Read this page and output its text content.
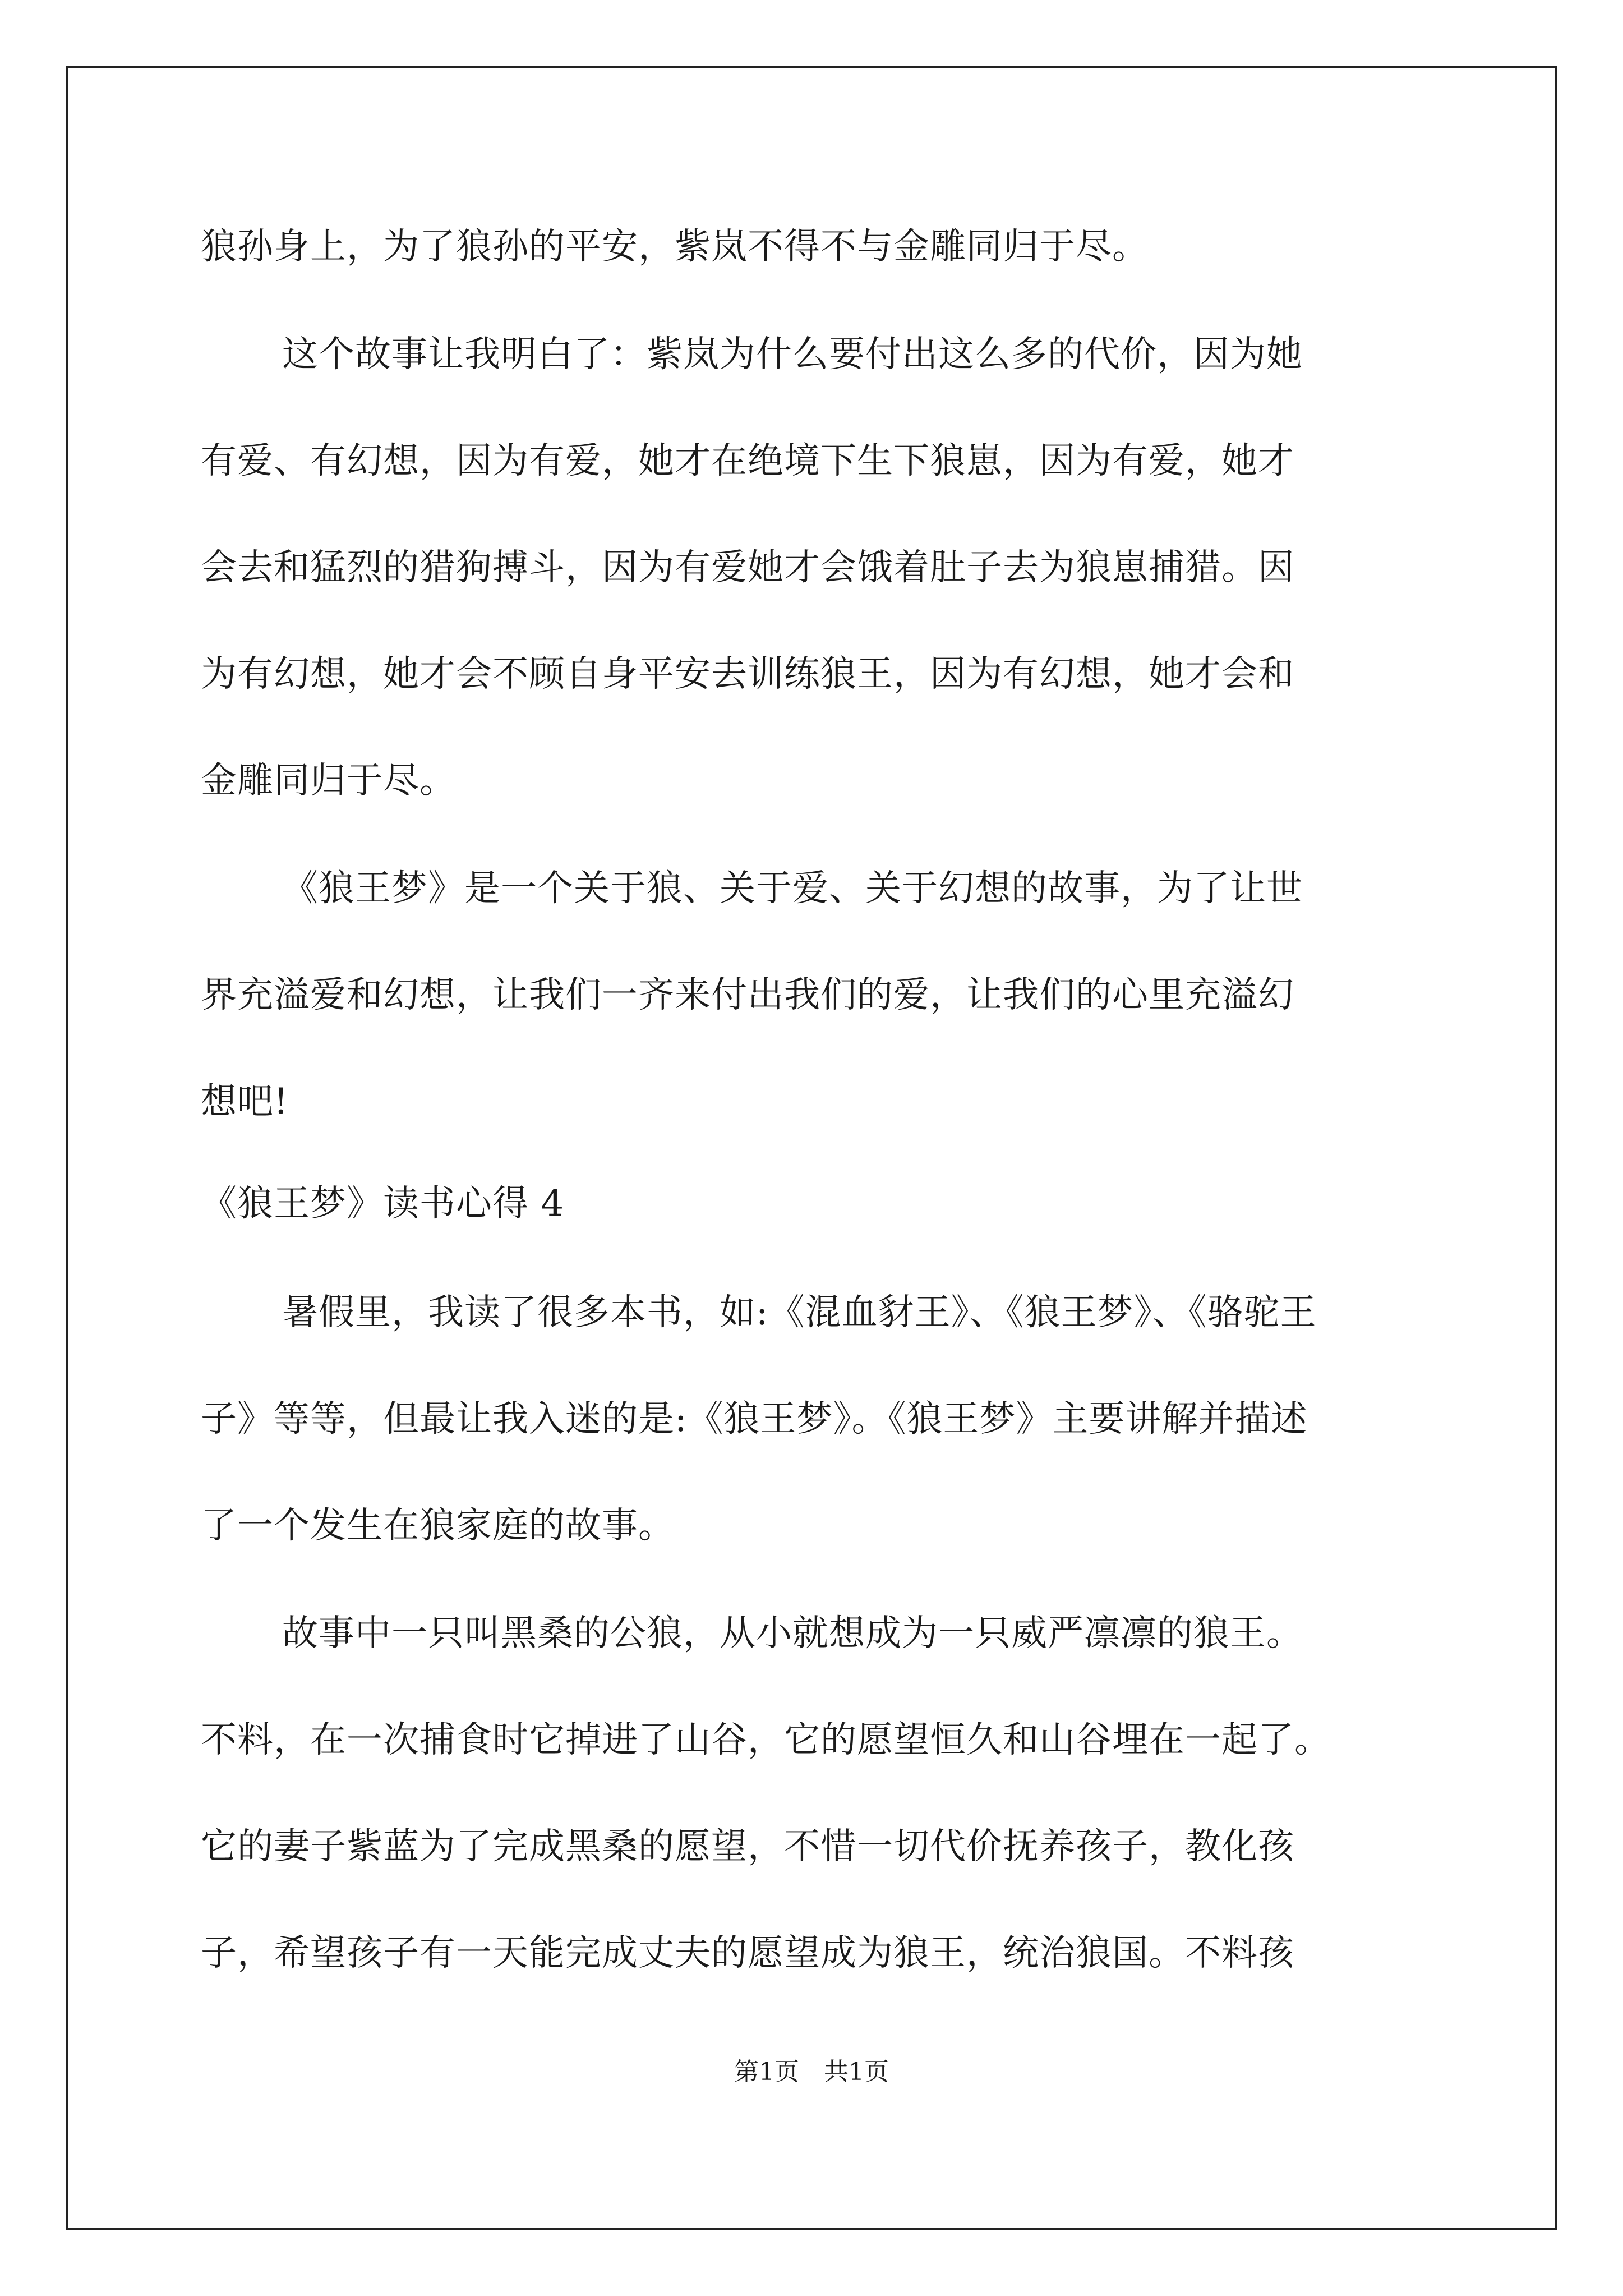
狼孙身上，为了狼孙的平安，紫岚不得不与金雕同归于尽。
这个故事让我明白了：紫岚为什么要付出这么多的代价，因为她
有爱、有幻想，因为有爱，她才在绝境下生下狼崽，因为有爱，她才
会去和猛烈的猎狗搏斗，因为有爱她才会饿着肚子去为狼崽捕猎。因
为有幻想，她才会不顾自身平安去训练狼王，因为有幻想，她才会和
金雕同归于尽。
《狼王梦》是一个关于狼、关于爱、关于幻想的故事，为了让世
界充溢爱和幻想，让我们一齐来付出我们的爱，让我们的心里充溢幻
想吧!
《狼王梦》读书心得 4
暑假里，我读了很多本书，如:《混血豺王》、《狼王梦》、《骆驼王
子》等等，但最让我入迷的是:《狼王梦》。《狼王梦》主要讲解并描述
了一个发生在狼家庭的故事。
故事中一只叫黑桑的公狼，从小就想成为一只威严凛凛的狼王。
不料，在一次捕食时它掉进了山谷，它的愿望恒久和山谷埋在一起了。
它的妻子紫蓝为了完成黑桑的愿望，不惜一切代价抚养孩子，教化孩
子，希望孩子有一天能完成丈夫的愿望成为狼王，统治狼国。不料孩
第1页　共1页
